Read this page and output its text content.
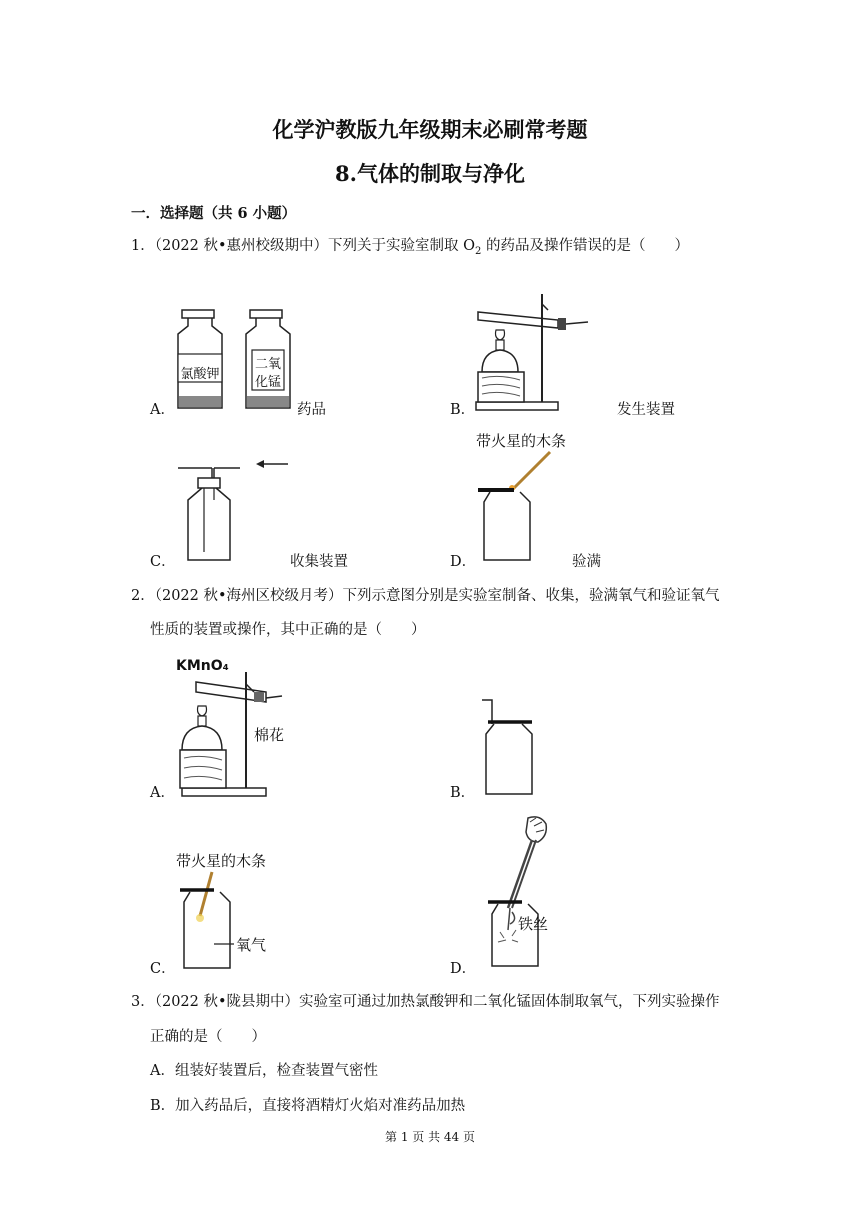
化学沪教版九年级期末必刷常考题
8.气体的制取与净化
一．选择题（共 6 小题）
1．（2022 秋•惠州校级期中）下列关于实验室制取 $O_2$ 的药品及操作错误的是（　　）
氯酸钾
二氧
化锰
A．	药品	B．	发生装置
C．	收集装置
带火星的木条
D．	验满
2．（2022 秋•海州区校级月考）下列示意图分别是实验室制备、收集，验满氧气和验证氧气
性质的装置或操作，其中正确的是（　　）
KMnO₄
棉花
A．	B．
带火星的木条
氧气
C．
铁丝
D．
3．（2022 秋•陇县期中）实验室可通过加热氯酸钾和二氧化锰固体制取氧气，下列实验操作
正确的是（　　）
A．组装好装置后，检查装置气密性
B．加入药品后，直接将酒精灯火焰对准药品加热
第 1 页 共 44 页
